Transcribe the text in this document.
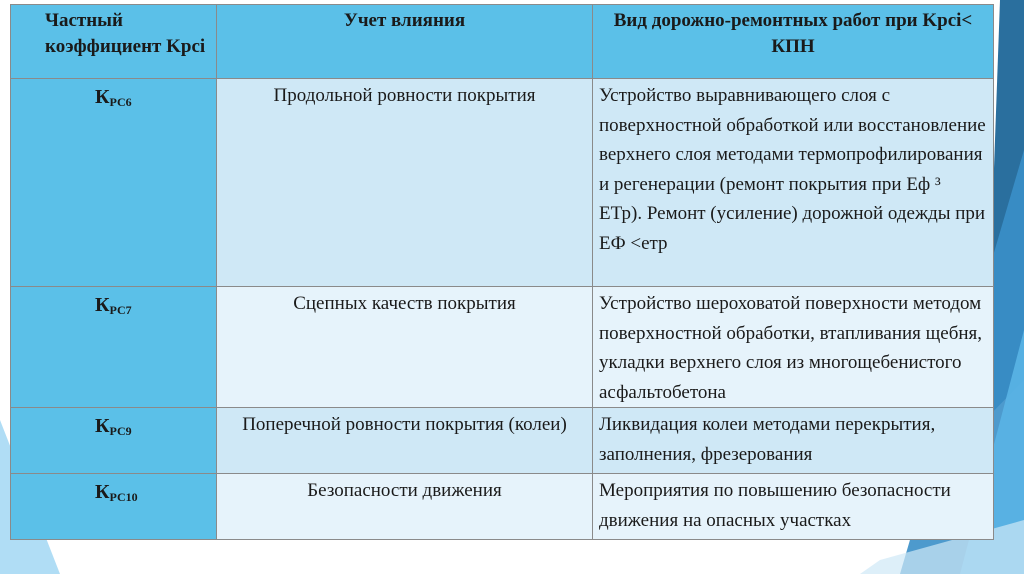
Частный коэффициент Kpci	Учет влияния	Вид дорожно-ремонтных работ при Kpci< КПН
$К_{РС6}$	Продольной ровности покрытия	Устройство выравнивающего слоя с поверхностной обработкой или восстановление верхнего слоя методами термопрофилирования и регенерации (ремонт покрытия при Еф ³ ЕТр). Ремонт (усиление) дорожной одежды при ЕФ <етр
$К_{РС7}$	Сцепных качеств покрытия	Устройство шероховатой поверхности методом поверхностной обработки, втапливания щебня, укладки верхнего слоя из многощебенистого асфальтобетона
$К_{РС9}$	Поперечной ровности покрытия (колеи)	Ликвидация колеи методами перекрытия, заполнения, фрезерования
$К_{РС10}$	Безопасности движения	Мероприятия по повышению безопасности движения на опасных участках
